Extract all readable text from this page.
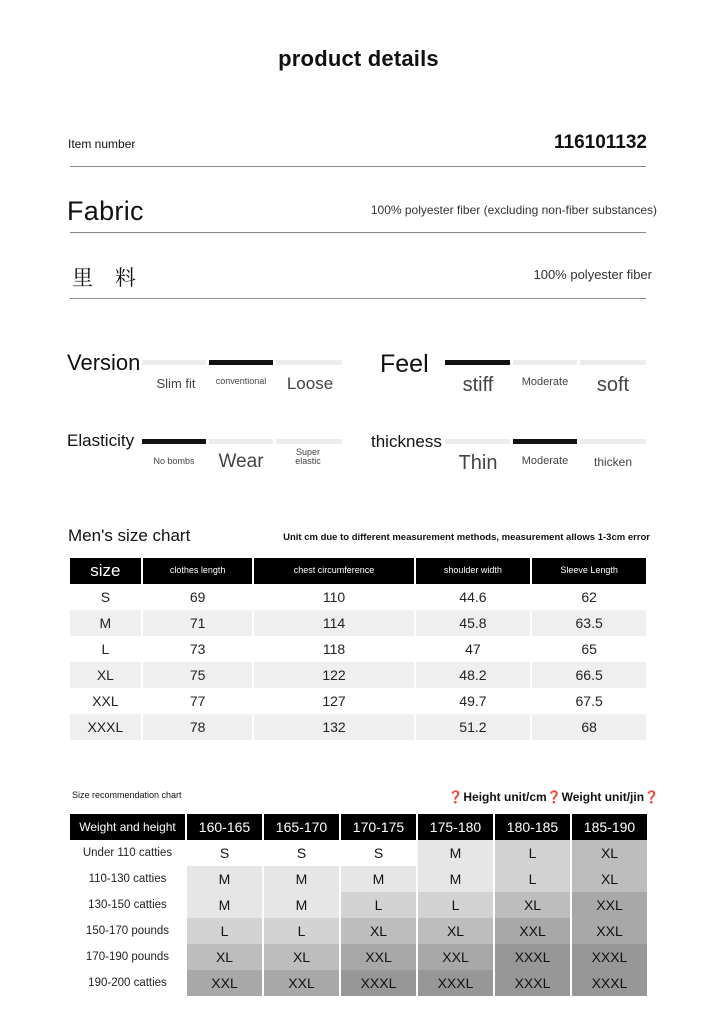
product details
Item number	116101132
Fabric	100% polyester fiber (excluding non-fiber substances)
里 料	100% polyester fiber
Version
Slim fit	conventional	Loose
Feel
stiff	Moderate	soft
Elasticity
No bombs	Wear	Super elastic
thickness
Thin	Moderate	thicken
Men's size chart	Unit cm due to different measurement methods, measurement allows 1-3cm error
size	clothes length	chest circumference	shoulder width	Sleeve Length
S	69	110	44.6	62
M	71	114	45.8	63.5
L	73	118	47	65
XL	75	122	48.2	66.5
XXL	77	127	49.7	67.5
XXXL	78	132	51.2	68
Size recommendation chart	❓Height unit/cm❓Weight unit/jin❓
Weight and height	160-165	165-170	170-175	175-180	180-185	185-190
Under 110 catties	S	S	S	M	L	XL
110-130 catties	M	M	M	M	L	XL
130-150 catties	M	M	L	L	XL	XXL
150-170 pounds	L	L	XL	XL	XXL	XXL
170-190 pounds	XL	XL	XXL	XXL	XXXL	XXXL
190-200 catties	XXL	XXL	XXXL	XXXL	XXXL	XXXL
